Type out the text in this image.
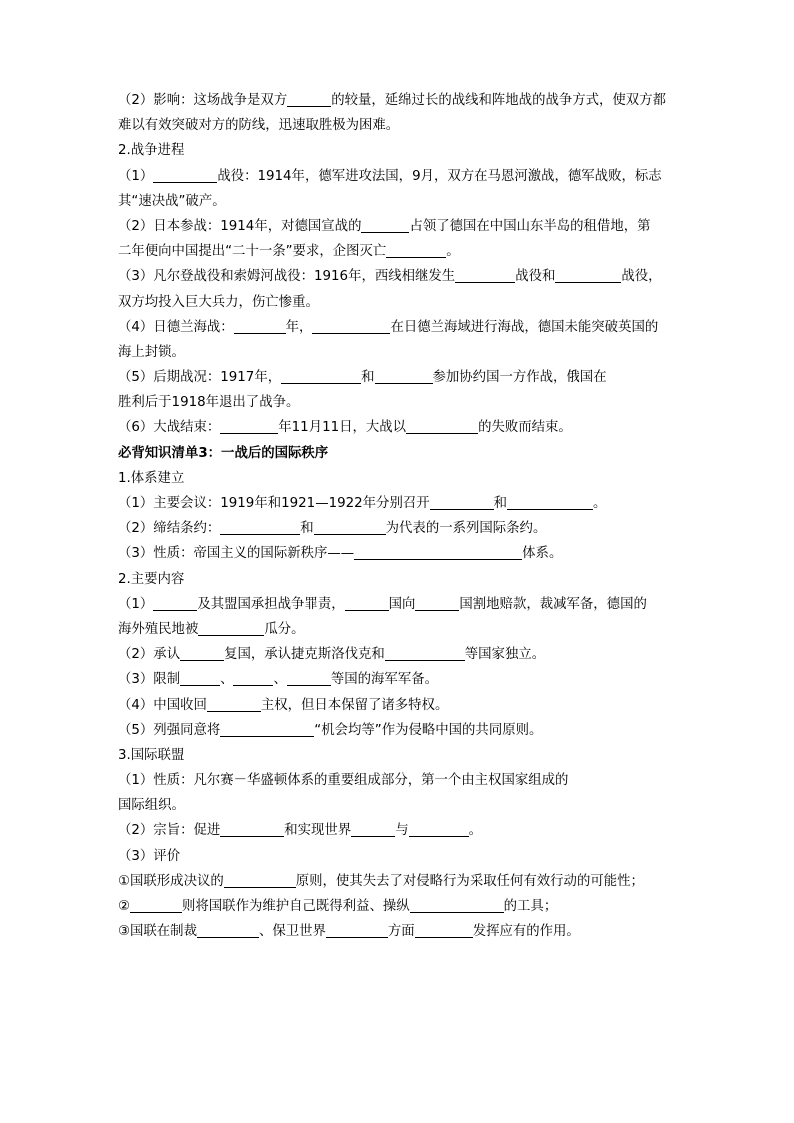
（2）影响：这场战争是双方	的较量，延绵过长的战线和阵地战的战争方式，使双方都
难以有效突破对方的防线，迅速取胜极为困难。
2.战争进程
（1）	战役：1914年，德军进攻法国，9月，双方在马恩河激战，德军战败，标志
其“速决战”破产。
（2）日本参战：1914年，对德国宣战的	占领了德国在中国山东半岛的租借地，第
二年便向中国提出“二十一条”要求，企图灭亡	。
（3）凡尔登战役和索姆河战役：1916年，西线相继发生	战役和	战役，
双方均投入巨大兵力，伤亡惨重。
（4）日德兰海战：	年，	在日德兰海域进行海战，德国未能突破英国的
海上封锁。
（5）后期战况：1917年，	和	参加协约国一方作战，俄国在
胜利后于1918年退出了战争。
（6）大战结束：	年11月11日，大战以	的失败而结束。
必背知识清单3：一战后的国际秩序
1.体系建立
（1）主要会议：1919年和1921—1922年分别召开	和	。
（2）缔结条约：	和	为代表的一系列国际条约。
（3）性质：帝国主义的国际新秩序——	体系。
2.主要内容
（1）	及其盟国承担战争罪责，	国向	国割地赔款，裁减军备，德国的
海外殖民地被	瓜分。
（2）承认	复国，承认捷克斯洛伐克和	等国家独立。
（3）限制	、	、	等国的海军军备。
（4）中国收回	主权，但日本保留了诸多特权。
（5）列强同意将	“机会均等”作为侵略中国的共同原则。
3.国际联盟
（1）性质：凡尔赛－华盛顿体系的重要组成部分，第一个由主权国家组成的
国际组织。
（2）宗旨：促进	和实现世界	与	。
（3）评价
①国联形成决议的	原则，使其失去了对侵略行为采取任何有效行动的可能性；
②	则将国联作为维护自己既得利益、操纵	的工具；
③国联在制裁	、保卫世界	方面	发挥应有的作用。
